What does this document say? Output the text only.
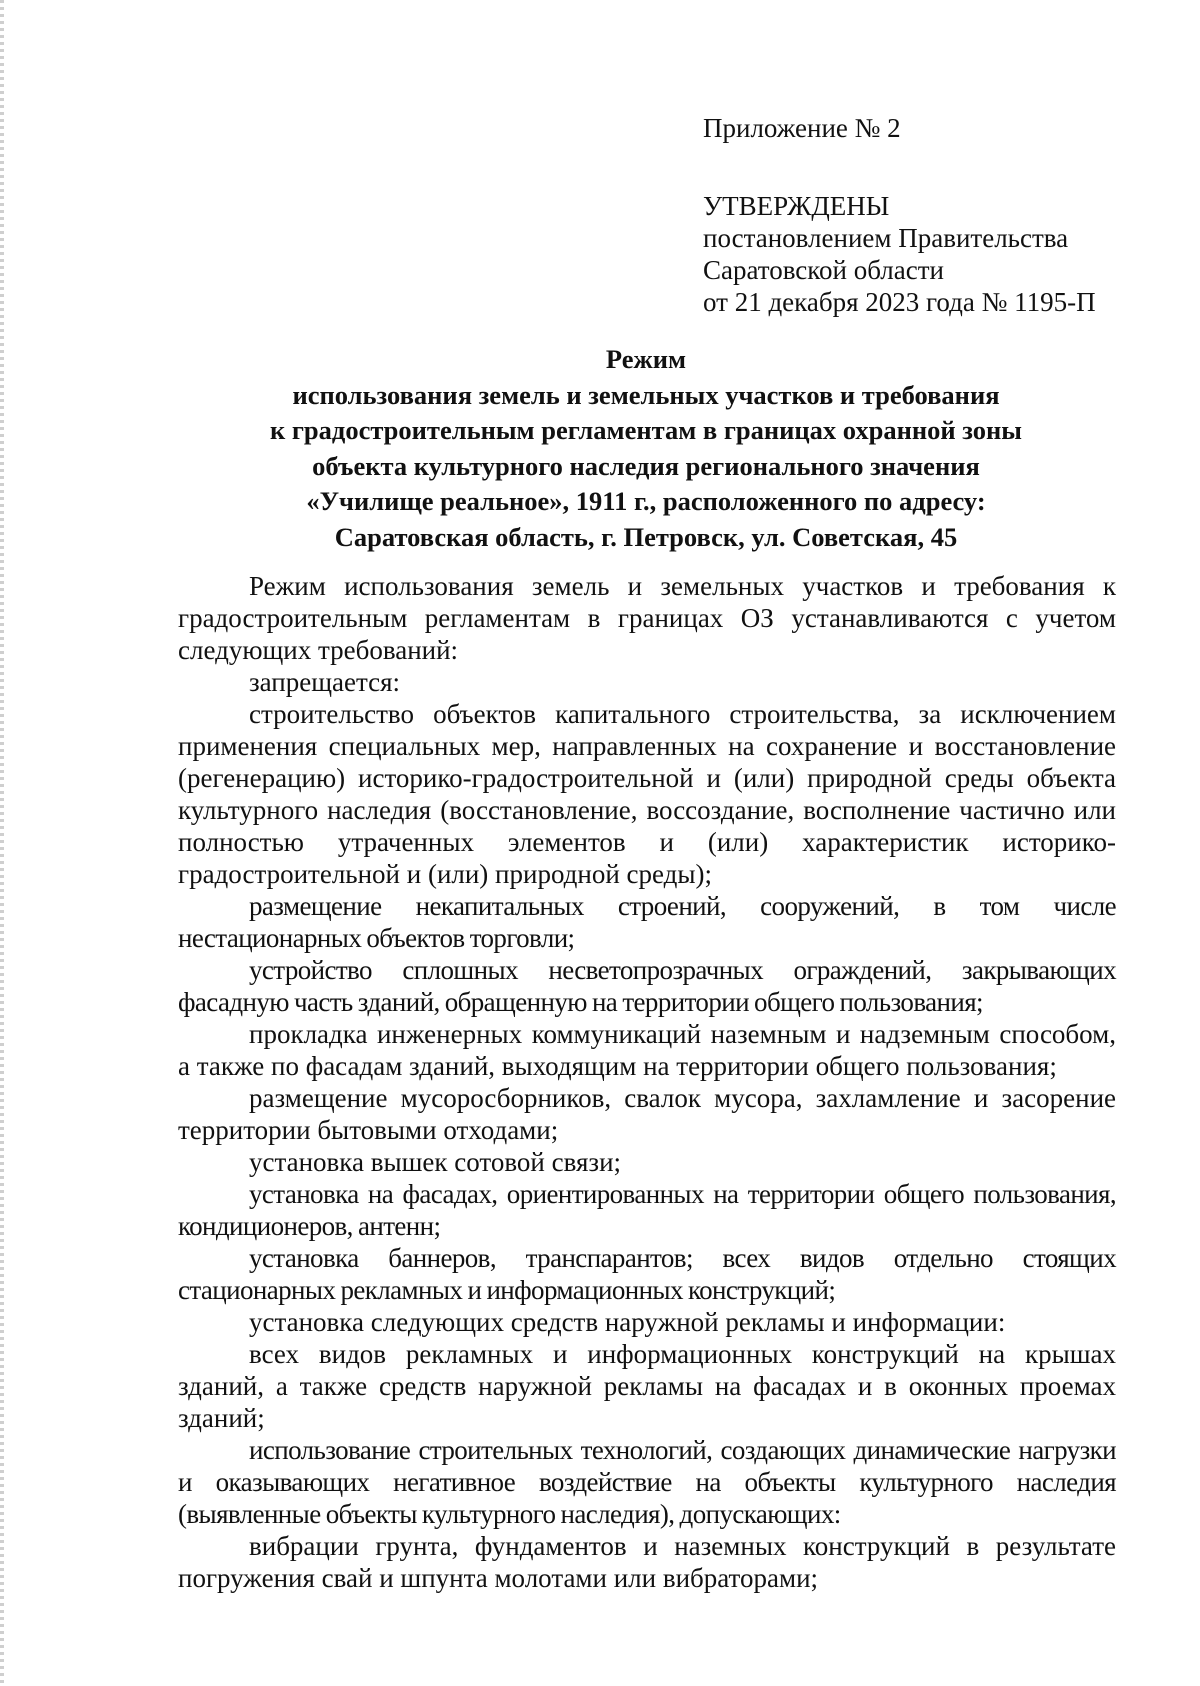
Приложение № 2
УТВЕРЖДЕНЫ
постановлением Правительства
Саратовской области
от 21 декабря 2023 года № 1195-П
Режим
использования земель и земельных участков и требования
к градостроительным регламентам в границах охранной зоны
объекта культурного наследия регионального значения
«Училище реальное», 1911 г., расположенного по адресу:
Саратовская область, г. Петровск, ул. Советская, 45

Режим использования земель и земельных участков и требования к градостроительным регламентам в границах ОЗ устанавливаются с учетом следующих требований:

запрещается:

строительство объектов капитального строительства, за исключением применения специальных мер, направленных на сохранение и восстановление (регенерацию) историко-градостроительной и (или) природной среды объекта культурного наследия (восстановление, воссоздание, восполнение частично или полностью утраченных элементов и (или) характеристик историко-градостроительной и (или) природной среды);

размещение некапитальных строений, сооружений, в том числе нестационарных объектов торговли;

устройство сплошных несветопрозрачных ограждений, закрывающих фасадную часть зданий, обращенную на территории общего пользования;

прокладка инженерных коммуникаций наземным и надземным способом, а также по фасадам зданий, выходящим на территории общего пользования;

размещение мусоросборников, свалок мусора, захламление и засорение территории бытовыми отходами;

установка вышек сотовой связи;

установка на фасадах, ориентированных на территории общего пользования, кондиционеров, антенн;

установка баннеров, транспарантов; всех видов отдельно стоящих стационарных рекламных и информационных конструкций;

установка следующих средств наружной рекламы и информации:

всех видов рекламных и информационных конструкций на крышах зданий, а также средств наружной рекламы на фасадах и в оконных проемах зданий;

использование строительных технологий, создающих динамические нагрузки и оказывающих негативное воздействие на объекты культурного наследия (выявленные объекты культурного наследия), допускающих:

вибрации грунта, фундаментов и наземных конструкций в результате погружения свай и шпунта молотами или вибраторами;
